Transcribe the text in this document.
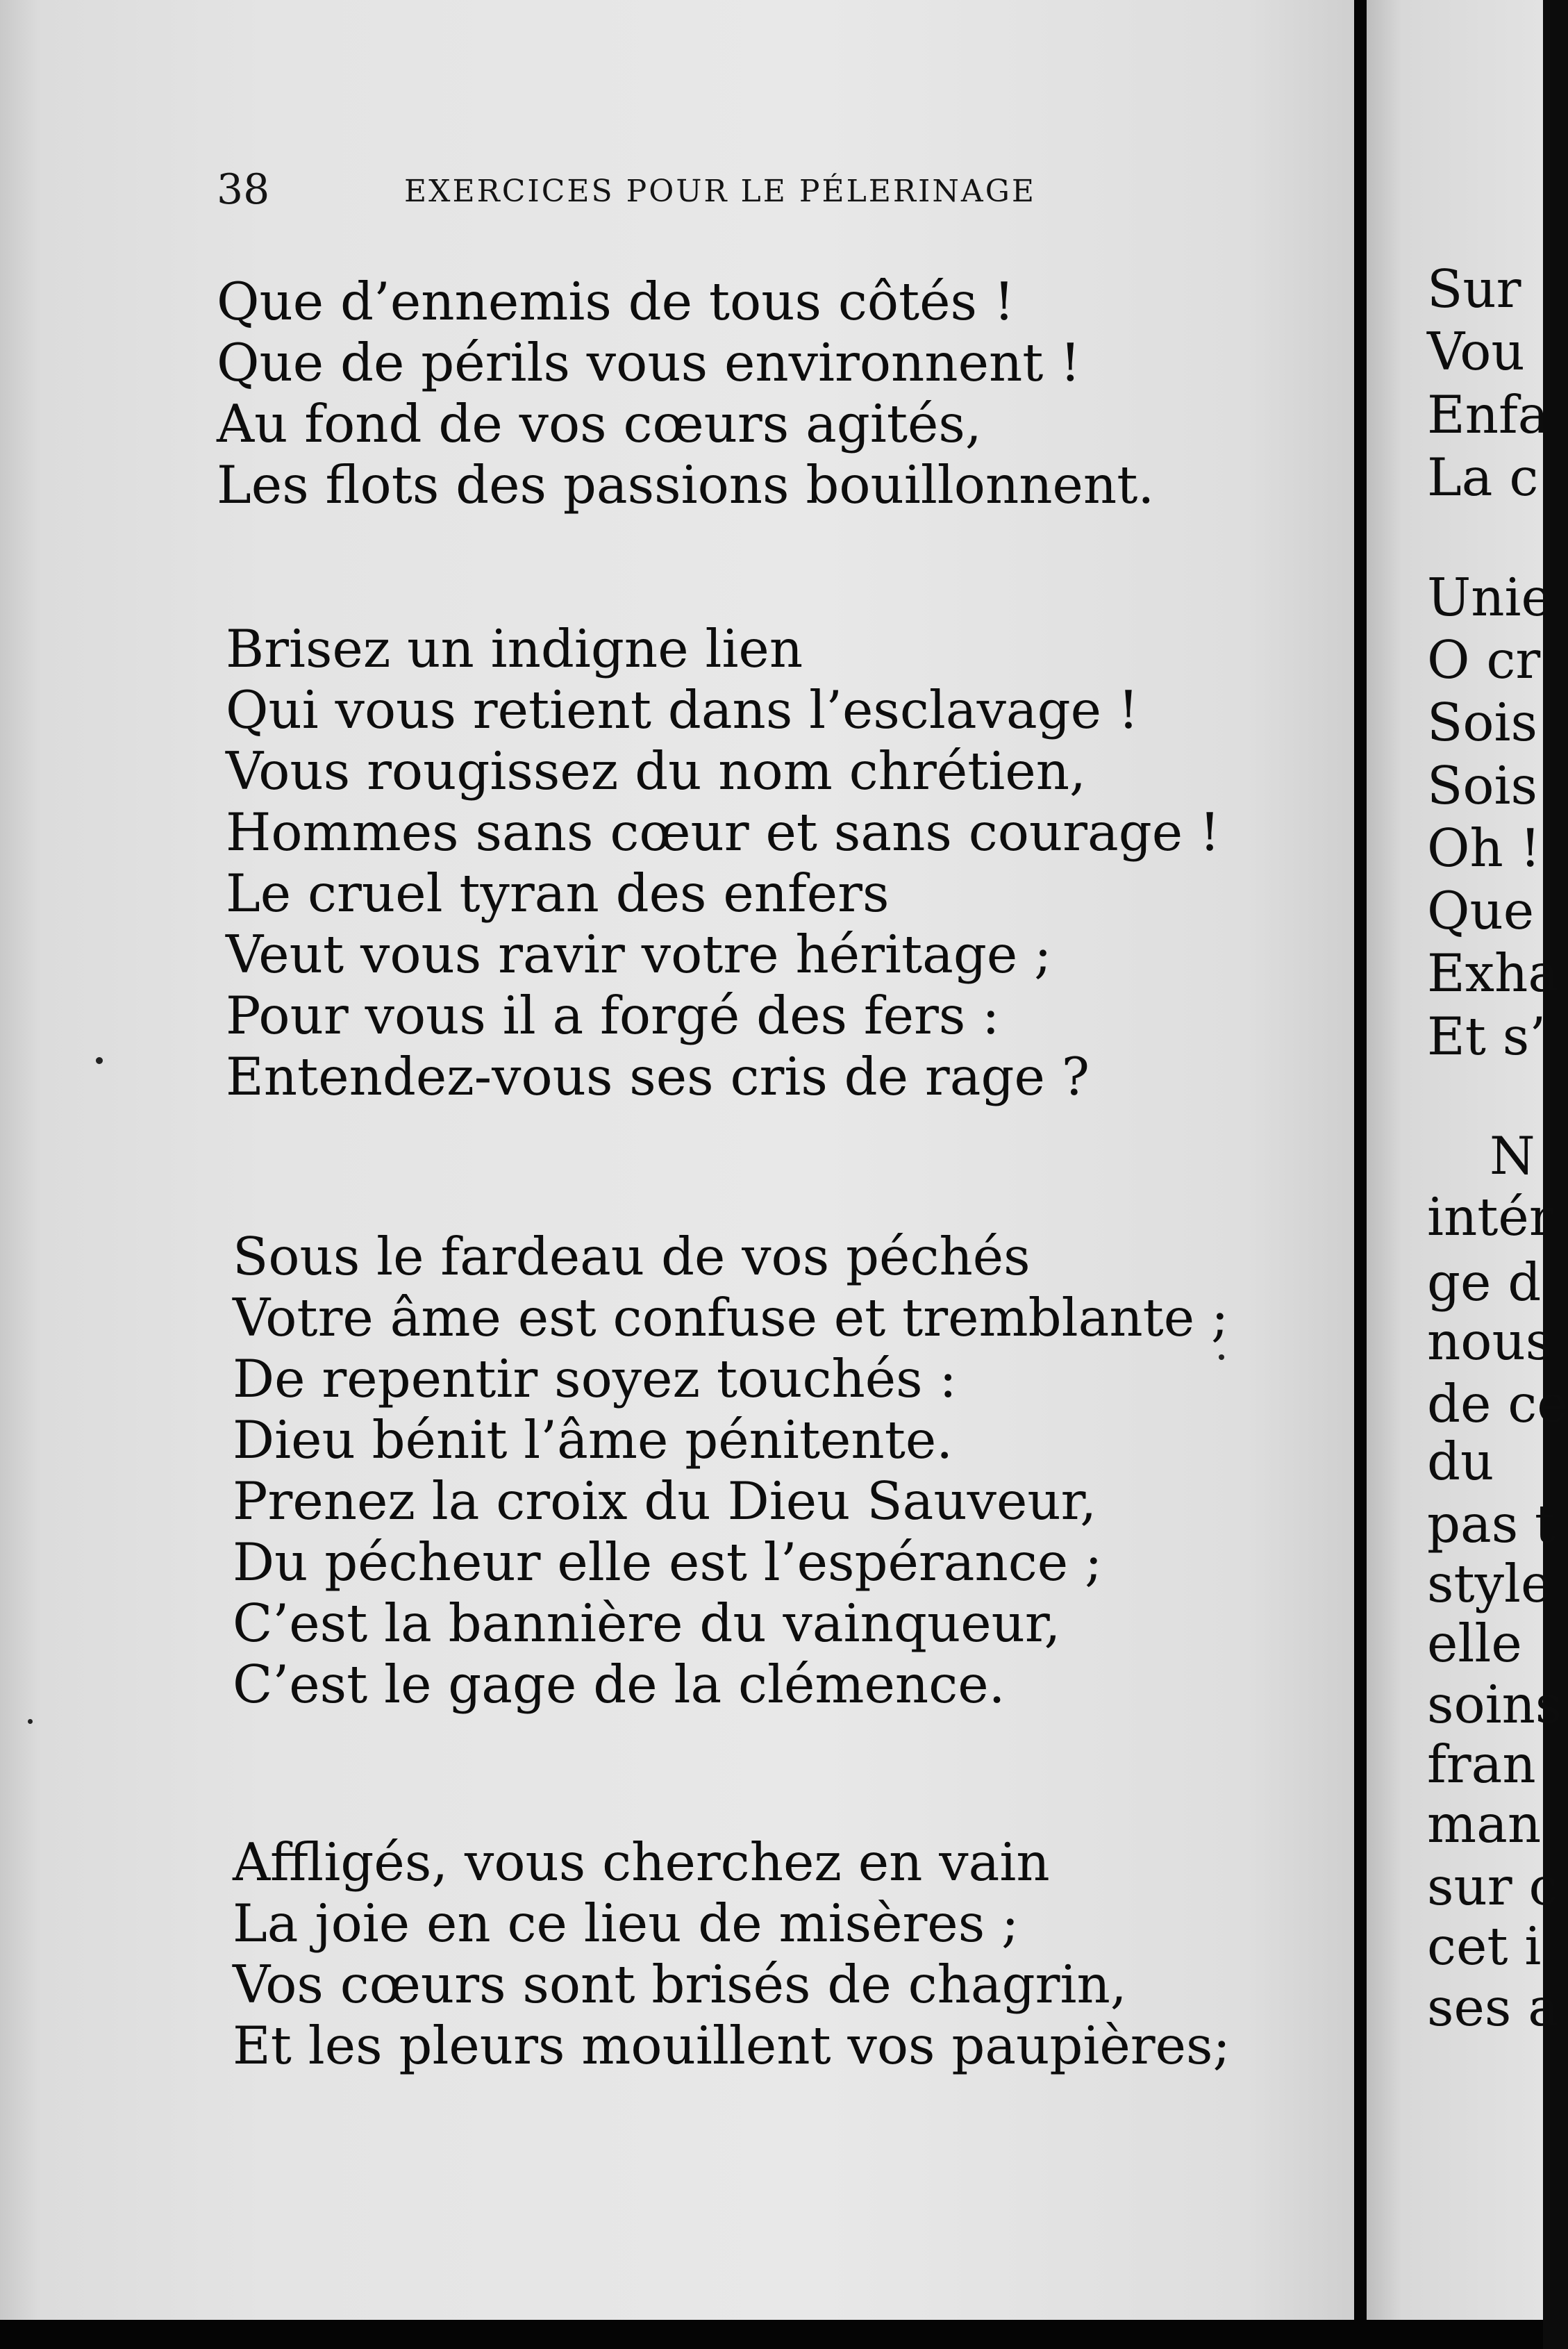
38	EXERCICES POUR LE PÉLERINAGE
Que d’ennemis de tous côtés !
Que de périls vous environnent !
Au fond de vos cœurs agités,
Les flots des passions bouillonnent.
Brisez un indigne lien
Qui vous retient dans l’esclavage !
Vous rougissez du nom chrétien,
Hommes sans cœur et sans courage !
Le cruel tyran des enfers
Veut vous ravir votre héritage ;
Pour vous il a forgé des fers :
Entendez-vous ses cris de rage ?
Sous le fardeau de vos péchés
Votre âme est confuse et tremblante ;
De repentir soyez touchés :
Dieu bénit l’âme pénitente.
Prenez la croix du Dieu Sauveur,
Du pécheur elle est l’espérance ;
C’est la bannière du vainqueur,
C’est le gage de la clémence.
Affligés, vous cherchez en vain
La joie en ce lieu de misères ;
Vos cœurs sont brisés de chagrin,
Et les pleurs mouillent vos paupières;
Sur
Vou
Enfa
La c
Unie
O cr
Sois
Sois
Oh !
Que
Exha
Et s’
N
intér
ge d
nous
de ce
du
pas t
style
elle
soins
fran
man
sur c
cet i
ses a
